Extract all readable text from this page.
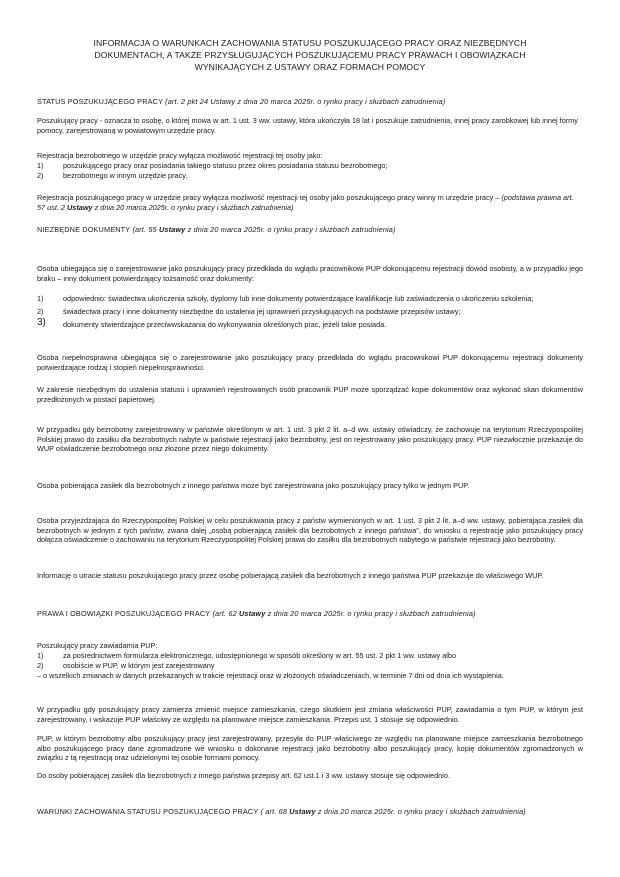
INFORMACJA O WARUNKACH ZACHOWANIA STATUSU POSZUKUJĄCEGO PRACY ORAZ NIEZBĘDNYCH
DOKUMENTACH, A TAKŻE PRZYSŁUGUJĄCYCH POSZUKUJĄCEMU PRACY PRAWACH I OBOWIĄZKACH
WYNIKAJĄCYCH Z USTAWY ORAZ FORMACH POMOCY
STATUS POSZUKUJĄCEGO PRACY (art. 2 pkt 24 Ustawy z dnia 20 marca 2025r. o rynku pracy i służbach zatrudnienia)
Poszukujący pracy - oznacza to osobę, o której mowa w art. 1 ust. 3 ww. ustawy, która ukończyła 18 lat i poszukuje zatrudnienia, innej pracy zarobkowej lub innej formy pomocy, zarejestrowaną w powiatowym urzędzie pracy.
Rejestracja bezrobotnego w urzędzie pracy wyłącza możliwość rejestracji tej osoby jako:
1)	poszukującego pracy oraz posiadania takiego statusu przez okres posiadania statusu bezrobotnego;
2)	bezrobotnego w innym urzędzie pracy.
Rejestracja poszukującego pracy w urzędzie pracy wyłącza możliwość rejestracji tej osoby jako poszukującego pracy winny m urzędzie pracy – (podstawa prawna art. 57 ust. 2 Ustawy z dnia 20 marca 2025r. o rynku pracy i służbach zatrudnienia)
NIEZBĘDNE DOKUMENTY (art. 55 Ustawy z dnia 20 marca 2025r. o rynku pracy i służbach zatrudnienia)
Osoba ubiegająca się o zarejestrowanie jako poszukujący pracy przedkłada do wglądu pracownikowi PUP dokonującemu rejestracji dowód osobisty, a w przypadku jego braku – inny dokument potwierdzający tożsamość oraz dokumenty:
1)	odpowiednio: świadectwa ukończenia szkoły, dyplomy lub inne dokumenty potwierdzające kwalifikacje lub zaświadczenia o ukończeniu szkolenia;
2)	świadectwa pracy i inne dokumenty niezbędne do ustalenia jej uprawnień przysługujących na podstawie przepisów ustawy;
3)	dokumenty stwierdzające przeciwwskazania do wykonywania określonych prac, jeżeli takie posiada.
Osoba niepełnosprawna ubiegająca się o zarejestrowanie jako poszukujący pracy przedkłada do wglądu pracownikowi PUP dokonującemu rejestracji dokumenty potwierdzające rodzaj i stopień niepełnosprawności.
W zakresie niezbędnym do ustalenia statusu i uprawnień rejestrowanych osób pracownik PUP może sporządzać kopie dokumentów oraz wykonać skan dokumentów przedłożonych w postaci papierowej.
W przypadku gdy bezrobotny zarejestrowany w państwie określonym w art. 1 ust. 3 pkt 2 lit. a–d ww. ustawy oświadczy, że zachowuje na terytorium Rzeczypospolitej Polskiej prawo do zasiłku dla bezrobotnych nabyte w państwie rejestracji jako bezrobotny, jest on rejestrowany jako poszukujący pracy. PUP niezwłocznie przekazuje do WUP oświadczenie bezrobotnego oraz złożone przez niego dokumenty.
Osoba pobierająca zasiłek dla bezrobotnych z innego państwa może być zarejestrowana jako poszukujący pracy tylko w jednym PUP.
Osoba przyjeżdżająca do Rzeczypospolitej Polskiej w celu poszukiwania pracy z państw wymienionych w art. 1 ust. 3 pkt 2 lit. a–d ww. ustawy, pobierająca zasiłek dla bezrobotnych w jednym z tych państw, zwana dalej „osobą pobierającą zasiłek dla bezrobotnych z innego państwa", do wniosku o rejestrację jako poszukujący pracy dołącza oświadczenie o zachowaniu na terytorium Rzeczypospolitej Polskiej prawa do zasiłku dla bezrobotnych nabytego w państwie rejestracji jako bezrobotny.
Informację o utracie statusu poszukującego pracy przez osobę pobierającą zasiłek dla bezrobotnych z innego państwa PUP przekazuje do właściwego WUP.
PRAWA I OBOWIĄZKI POSZUKUJĄCEGO PRACY (art. 62 Ustawy z dnia 20 marca 2025r. o rynku pracy i służbach zatrudnienia)
Poszukujący pracy zawiadamia PUP:
1)	za pośrednictwem formularza elektronicznego, udostępnionego w sposób określony w art. 55 ust. 2 pkt 1 ww. ustawy albo
2)	osobiście w PUP, w którym jest zarejestrowany
– o wszelkich zmianach w danych przekazanych w trakcie rejestracji oraz w złożonych oświadczeniach, w terminie 7 dni od dnia ich wystąpienia.
W przypadku gdy poszukujący pracy zamierza zmienić miejsce zamieszkania, czego skutkiem jest zmiana właściwości PUP, zawiadamia o tym PUP, w którym jest zarejestrowany, i wskazuje PUP właściwy ze względu na planowane miejsce zamieszkania. Przepis ust. 1 stosuje się odpowiednio.
PUP, w którym bezrobotny albo poszukujący pracy jest zarejestrowany, przesyła do PUP właściwego ze względu na planowane miejsce zamieszkania bezrobotnego albo poszukującego pracy dane zgromadzone we wniosku o dokonanie rejestracji jako bezrobotny albo poszukujący pracy, kopię dokumentów zgromadzonych w związku z tą rejestracją oraz udzielonymi tej osobie formami pomocy.
Do osoby pobierającej zasiłek dla bezrobotnych z innego państwa przepisy art. 62 ust.1 i 3 ww. ustawy stosuje się odpowiednio.
WARUNKI ZACHOWANIA STATUSU POSZUKUJĄCEGO PRACY ( art. 68 Ustawy z dnia 20 marca 2025r. o rynku pracy i służbach zatrudnienia)
